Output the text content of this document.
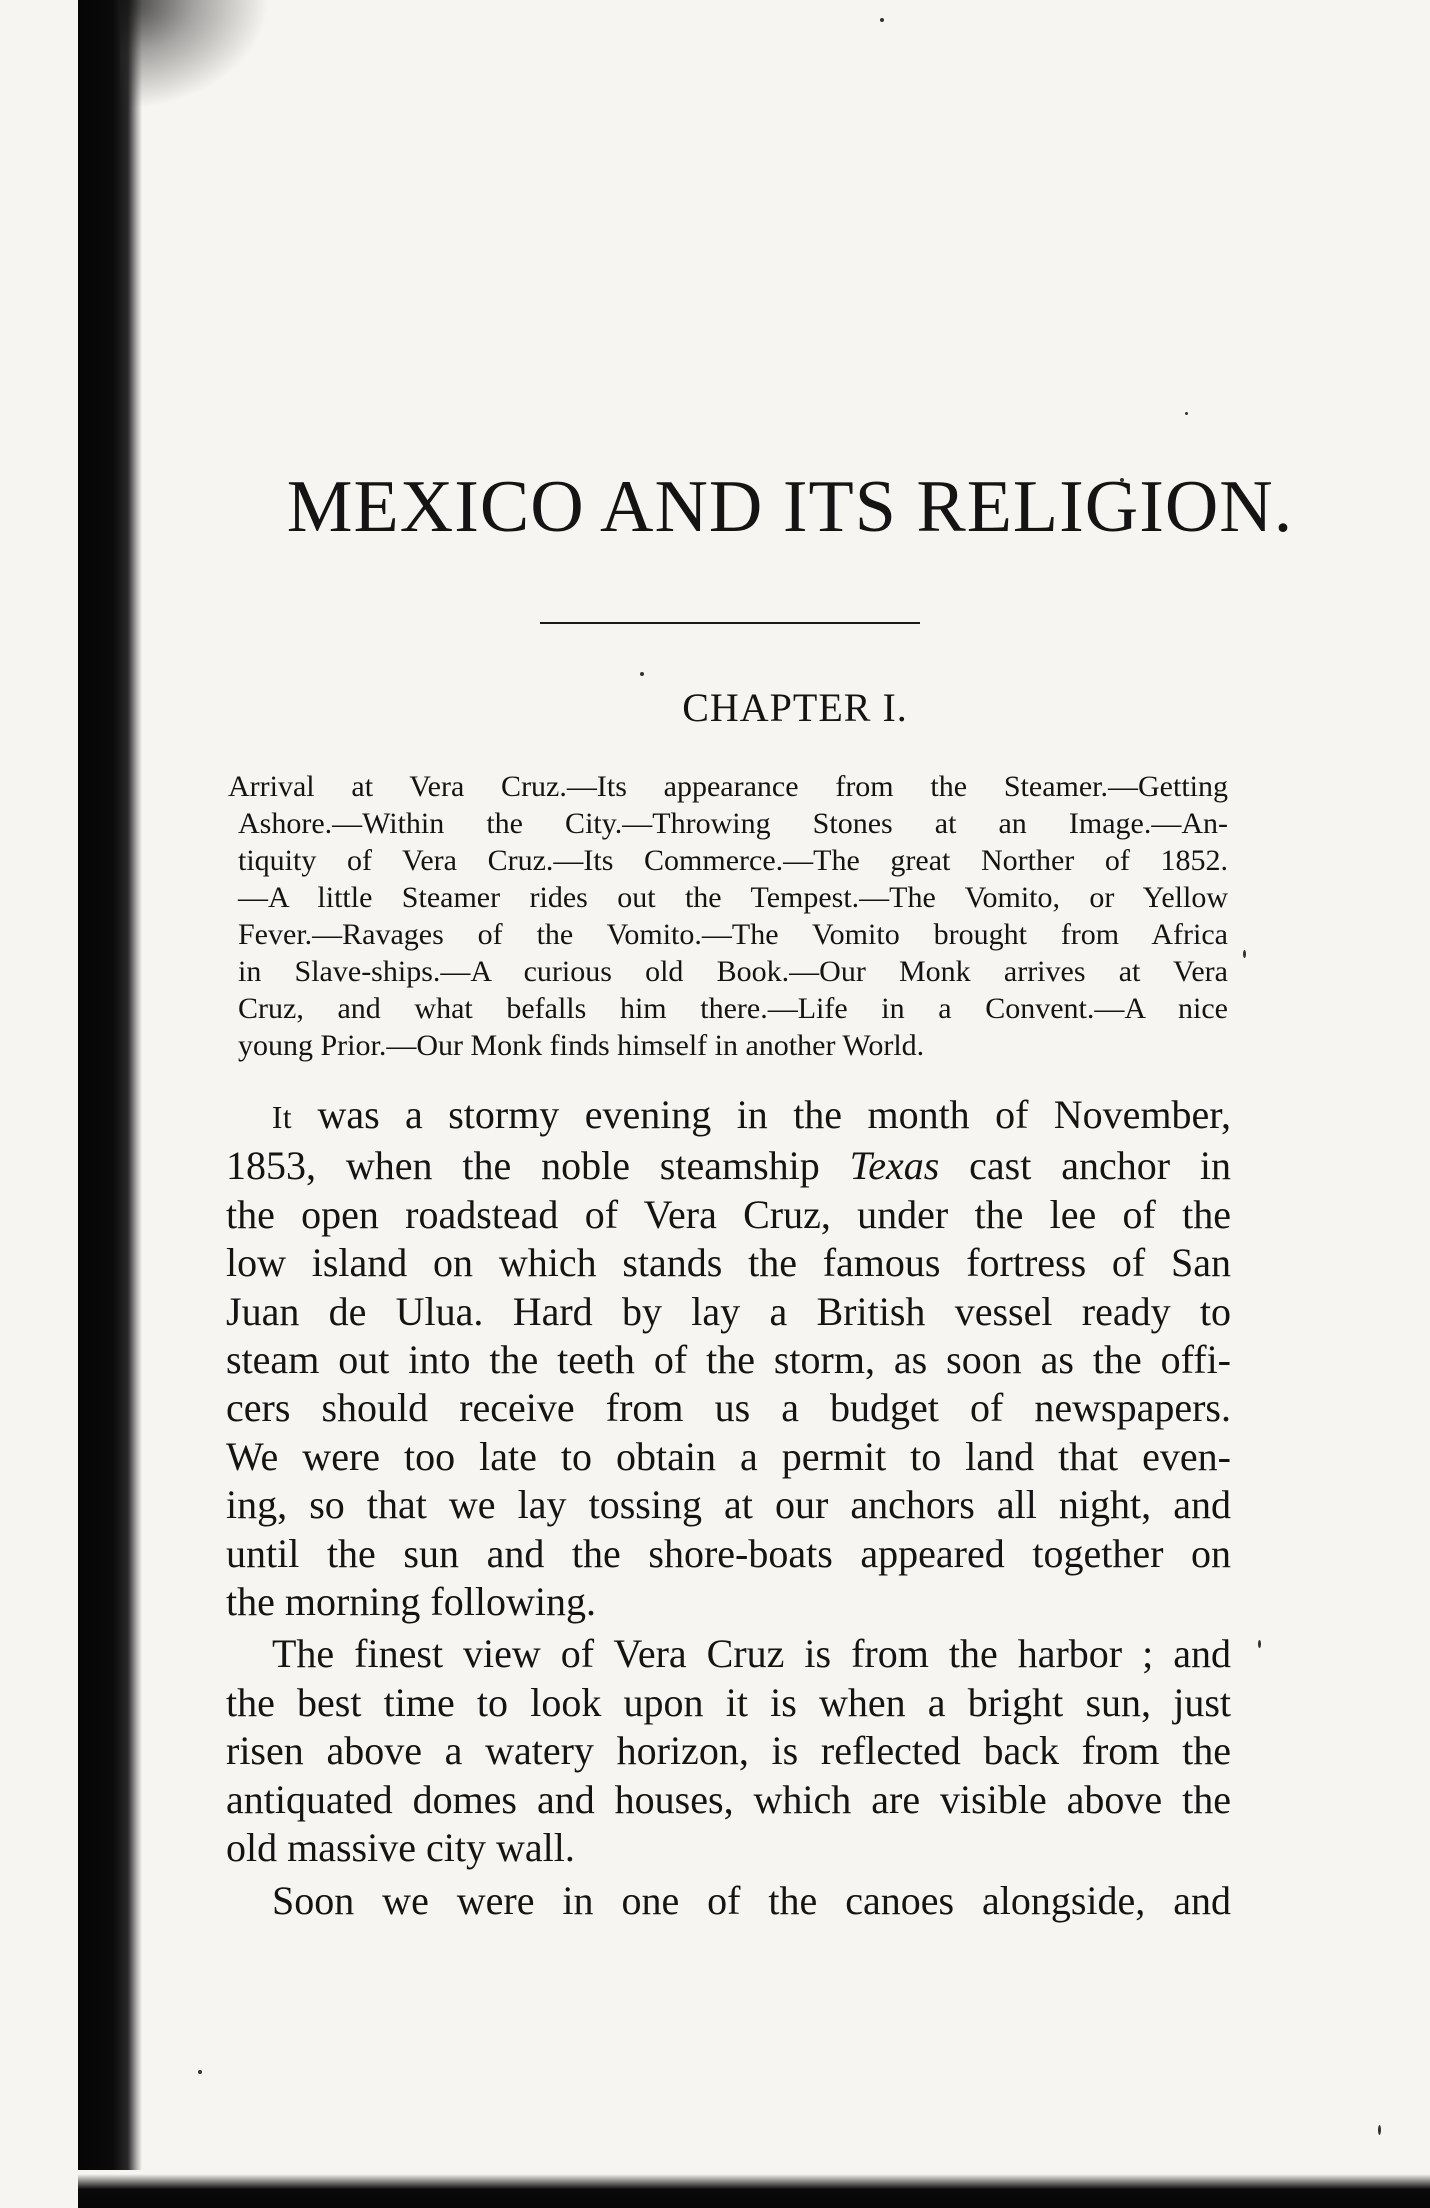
MEXICO AND ITS RELIGION.
CHAPTER I.

Arrival at Vera Cruz.—Its appearance from the Steamer.—Getting
Ashore.—Within the City.—Throwing Stones at an Image.—An-
tiquity of Vera Cruz.—Its Commerce.—The great Norther of 1852.
—A little Steamer rides out the Tempest.—The Vomito, or Yellow
Fever.—Ravages of the Vomito.—The Vomito brought from Africa
in Slave-ships.—A curious old Book.—Our Monk arrives at Vera
Cruz, and what befalls him there.—Life in a Convent.—A nice
young Prior.—Our Monk finds himself in another World.

It was a stormy evening in the month of November,
1853, when the noble steamship Texas cast anchor in
the open roadstead of Vera Cruz, under the lee of the
low island on which stands the famous fortress of San
Juan de Ulua. Hard by lay a British vessel ready to
steam out into the teeth of the storm, as soon as the offi-
cers should receive from us a budget of newspapers.
We were too late to obtain a permit to land that even-
ing, so that we lay tossing at our anchors all night, and
until the sun and the shore-boats appeared together on
the morning following.
The finest view of Vera Cruz is from the harbor ; and
the best time to look upon it is when a bright sun, just
risen above a watery horizon, is reflected back from the
antiquated domes and houses, which are visible above the
old massive city wall.
Soon we were in one of the canoes alongside, and
